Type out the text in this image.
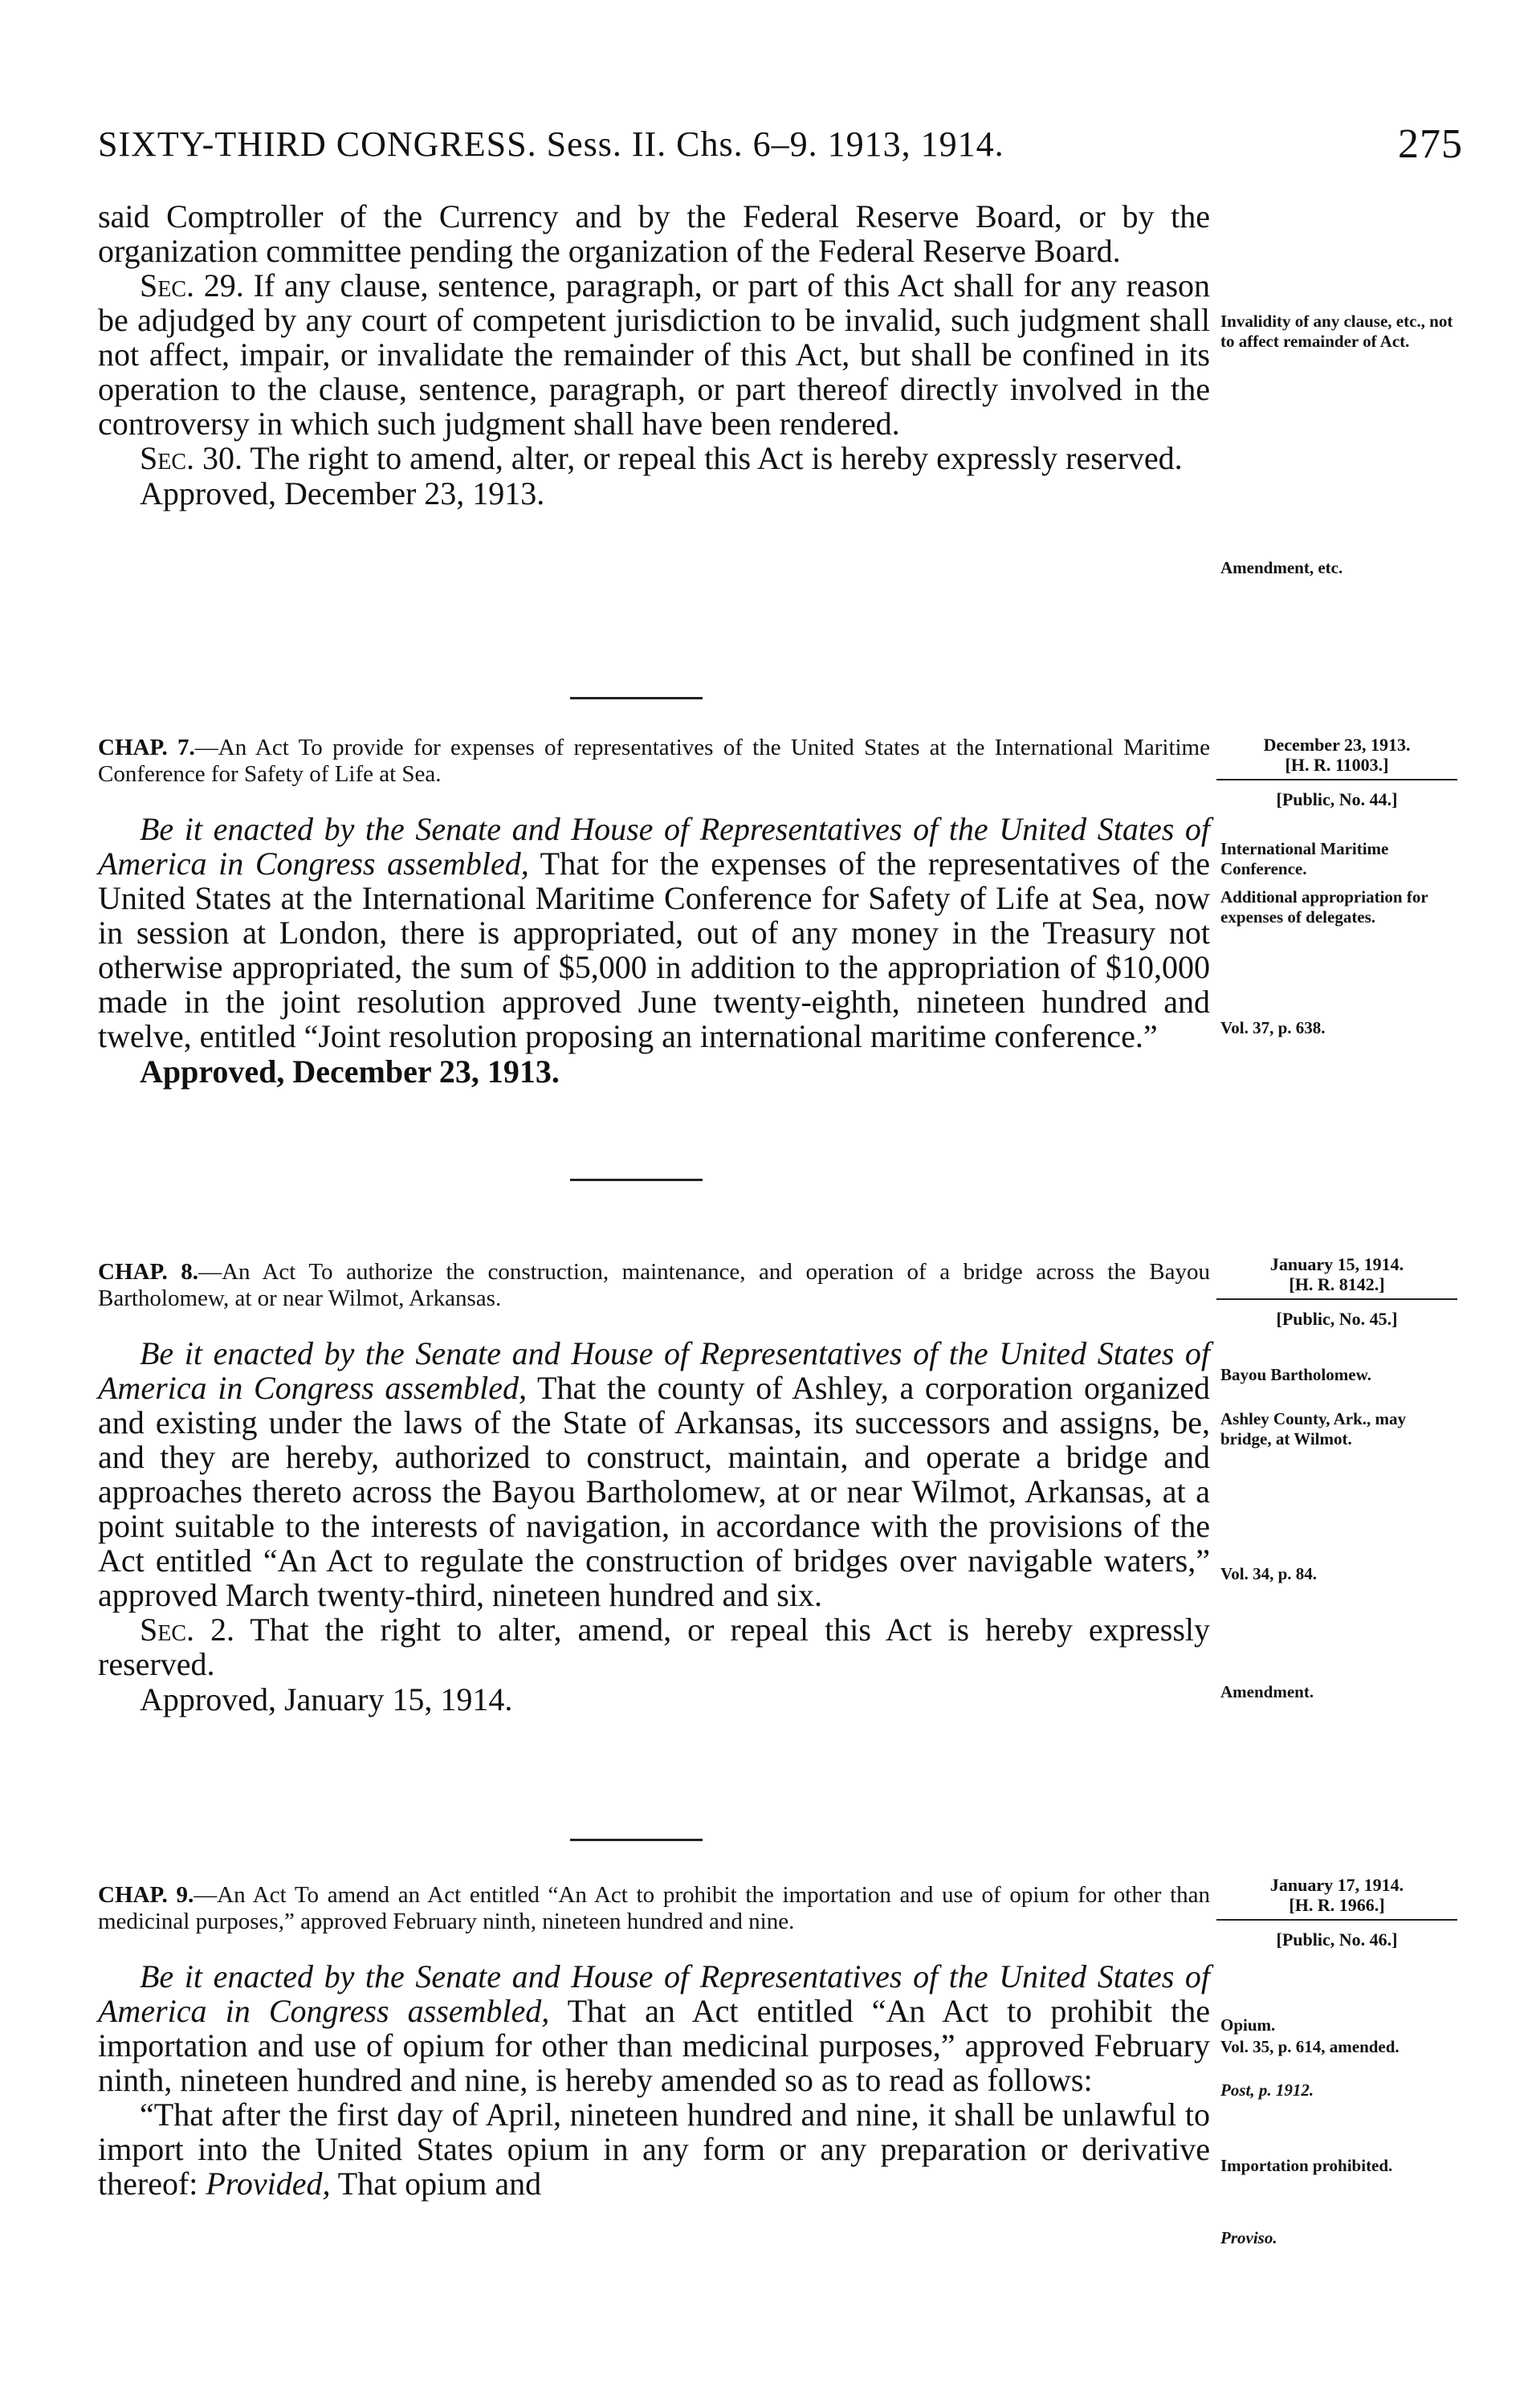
SIXTY-THIRD CONGRESS. Sess. II. Chs. 6–9. 1913, 1914.	275

said Comptroller of the Currency and by the Federal Reserve Board, or by the organization committee pending the organization of the Federal Reserve Board.

Sec. 29. If any clause, sentence, paragraph, or part of this Act shall for any reason be adjudged by any court of competent jurisdiction to be invalid, such judgment shall not affect, impair, or invalidate the remainder of this Act, but shall be confined in its operation to the clause, sentence, paragraph, or part thereof directly involved in the controversy in which such judgment shall have been rendered.

Sec. 30. The right to amend, alter, or repeal this Act is hereby expressly reserved.

Approved, December 23, 1913.

Invalidity of any clause, etc., not to affect remainder of Act.
Amendment, etc.

CHAP. 7.—An Act To provide for expenses of representatives of the United States at the International Maritime Conference for Safety of Life at Sea.

Be it enacted by the Senate and House of Representatives of the United States of America in Congress assembled, That for the expenses of the representatives of the United States at the International Maritime Conference for Safety of Life at Sea, now in session at London, there is appropriated, out of any money in the Treasury not otherwise appropriated, the sum of $5,000 in addition to the appropriation of $10,000 made in the joint resolution approved June twenty-eighth, nineteen hundred and twelve, entitled “Joint resolution proposing an international maritime conference.”

Approved, December 23, 1913.

December 23, 1913.
[H. R. 11003.]
[Public, No. 44.]
International Maritime Conference.
Additional appropriation for expenses of delegates.
Vol. 37, p. 638.

CHAP. 8.—An Act To authorize the construction, maintenance, and operation of a bridge across the Bayou Bartholomew, at or near Wilmot, Arkansas.

Be it enacted by the Senate and House of Representatives of the United States of America in Congress assembled, That the county of Ashley, a corporation organized and existing under the laws of the State of Arkansas, its successors and assigns, be, and they are hereby, authorized to construct, maintain, and operate a bridge and approaches thereto across the Bayou Bartholomew, at or near Wilmot, Arkansas, at a point suitable to the interests of navigation, in accordance with the provisions of the Act entitled “An Act to regulate the construction of bridges over navigable waters,” approved March twenty-third, nineteen hundred and six.

Sec. 2. That the right to alter, amend, or repeal this Act is hereby expressly reserved.

Approved, January 15, 1914.

January 15, 1914.
[H. R. 8142.]
[Public, No. 45.]
Bayou Bartholomew.
Ashley County, Ark., may bridge, at Wilmot.
Vol. 34, p. 84.
Amendment.

CHAP. 9.—An Act To amend an Act entitled “An Act to prohibit the importation and use of opium for other than medicinal purposes,” approved February ninth, nineteen hundred and nine.

Be it enacted by the Senate and House of Representatives of the United States of America in Congress assembled, That an Act entitled “An Act to prohibit the importation and use of opium for other than medicinal purposes,” approved February ninth, nineteen hundred and nine, is hereby amended so as to read as follows:

“That after the first day of April, nineteen hundred and nine, it shall be unlawful to import into the United States opium in any form or any preparation or derivative thereof: Provided, That opium and

January 17, 1914.
[H. R. 1966.]
[Public, No. 46.]
Opium.
Vol. 35, p. 614, amended.
Post, p. 1912.
Importation prohibited.
Proviso.
